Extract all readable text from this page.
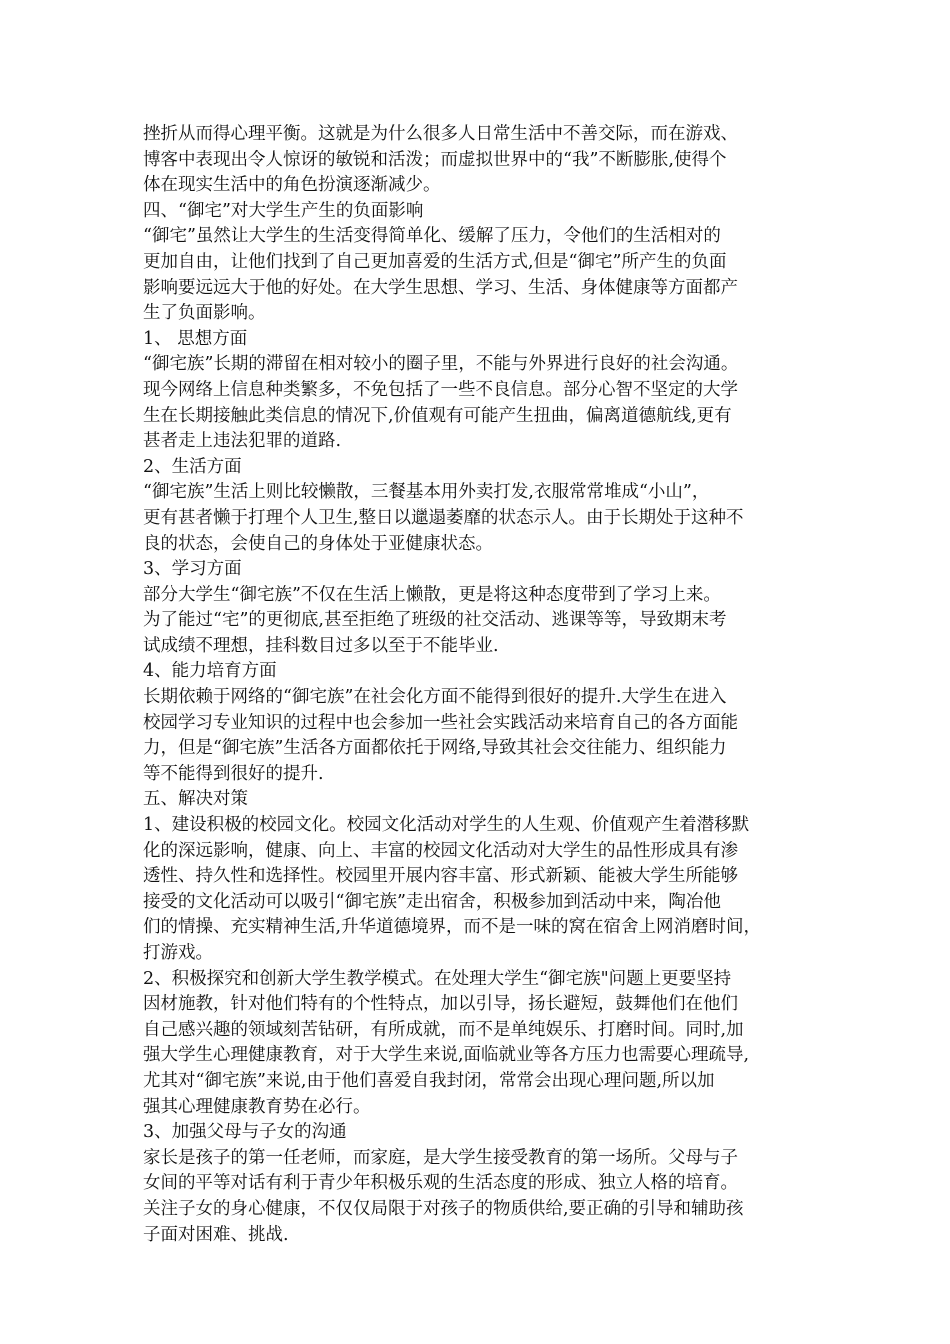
挫折从而得心理平衡。这就是为什么很多人日常生活中不善交际，而在游戏、
博客中表现出令人惊讶的敏锐和活泼；而虚拟世界中的“我”不断膨胀,使得个
体在现实生活中的角色扮演逐渐减少。
四、“御宅”对大学生产生的负面影响
“御宅”虽然让大学生的生活变得简单化、缓解了压力，令他们的生活相对的
更加自由，让他们找到了自己更加喜爱的生活方式,但是“御宅”所产生的负面
影响要远远大于他的好处。在大学生思想、学习、生活、身体健康等方面都产
生了负面影响。
1、 思想方面
“御宅族”长期的滞留在相对较小的圈子里，不能与外界进行良好的社会沟通。
现今网络上信息种类繁多，不免包括了一些不良信息。部分心智不坚定的大学
生在长期接触此类信息的情况下,价值观有可能产生扭曲，偏离道德航线,更有
甚者走上违法犯罪的道路.
2、生活方面
“御宅族”生活上则比较懒散，三餐基本用外卖打发,衣服常常堆成“小山”，
更有甚者懒于打理个人卫生,整日以邋遢萎靡的状态示人。由于长期处于这种不
良的状态，会使自己的身体处于亚健康状态。
3、学习方面
部分大学生“御宅族”不仅在生活上懒散，更是将这种态度带到了学习上来。
为了能过“宅”的更彻底,甚至拒绝了班级的社交活动、逃课等等，导致期末考
试成绩不理想，挂科数目过多以至于不能毕业.
4、能力培育方面
长期依赖于网络的“御宅族”在社会化方面不能得到很好的提升.大学生在进入
校园学习专业知识的过程中也会参加一些社会实践活动来培育自己的各方面能
力，但是“御宅族”生活各方面都依托于网络,导致其社会交往能力、组织能力
等不能得到很好的提升.
五、解决对策
1、建设积极的校园文化。校园文化活动对学生的人生观、价值观产生着潜移默
化的深远影响，健康、向上、丰富的校园文化活动对大学生的品性形成具有渗
透性、持久性和选择性。校园里开展内容丰富、形式新颖、能被大学生所能够
接受的文化活动可以吸引“御宅族”走出宿舍，积极参加到活动中来，陶冶他
们的情操、充实精神生活,升华道德境界，而不是一味的窝在宿舍上网消磨时间，
打游戏。
2、积极探究和创新大学生教学模式。在处理大学生“御宅族"问题上更要坚持
因材施教，针对他们特有的个性特点，加以引导，扬长避短，鼓舞他们在他们
自己感兴趣的领域刻苦钻研，有所成就，而不是单纯娱乐、打磨时间。同时,加
强大学生心理健康教育，对于大学生来说,面临就业等各方压力也需要心理疏导,
尤其对“御宅族”来说,由于他们喜爱自我封闭，常常会出现心理问题,所以加
强其心理健康教育势在必行。
3、加强父母与子女的沟通
家长是孩子的第一任老师，而家庭，是大学生接受教育的第一场所。父母与子
女间的平等对话有利于青少年积极乐观的生活态度的形成、独立人格的培育。
关注子女的身心健康，不仅仅局限于对孩子的物质供给,要正确的引导和辅助孩
子面对困难、挑战.
